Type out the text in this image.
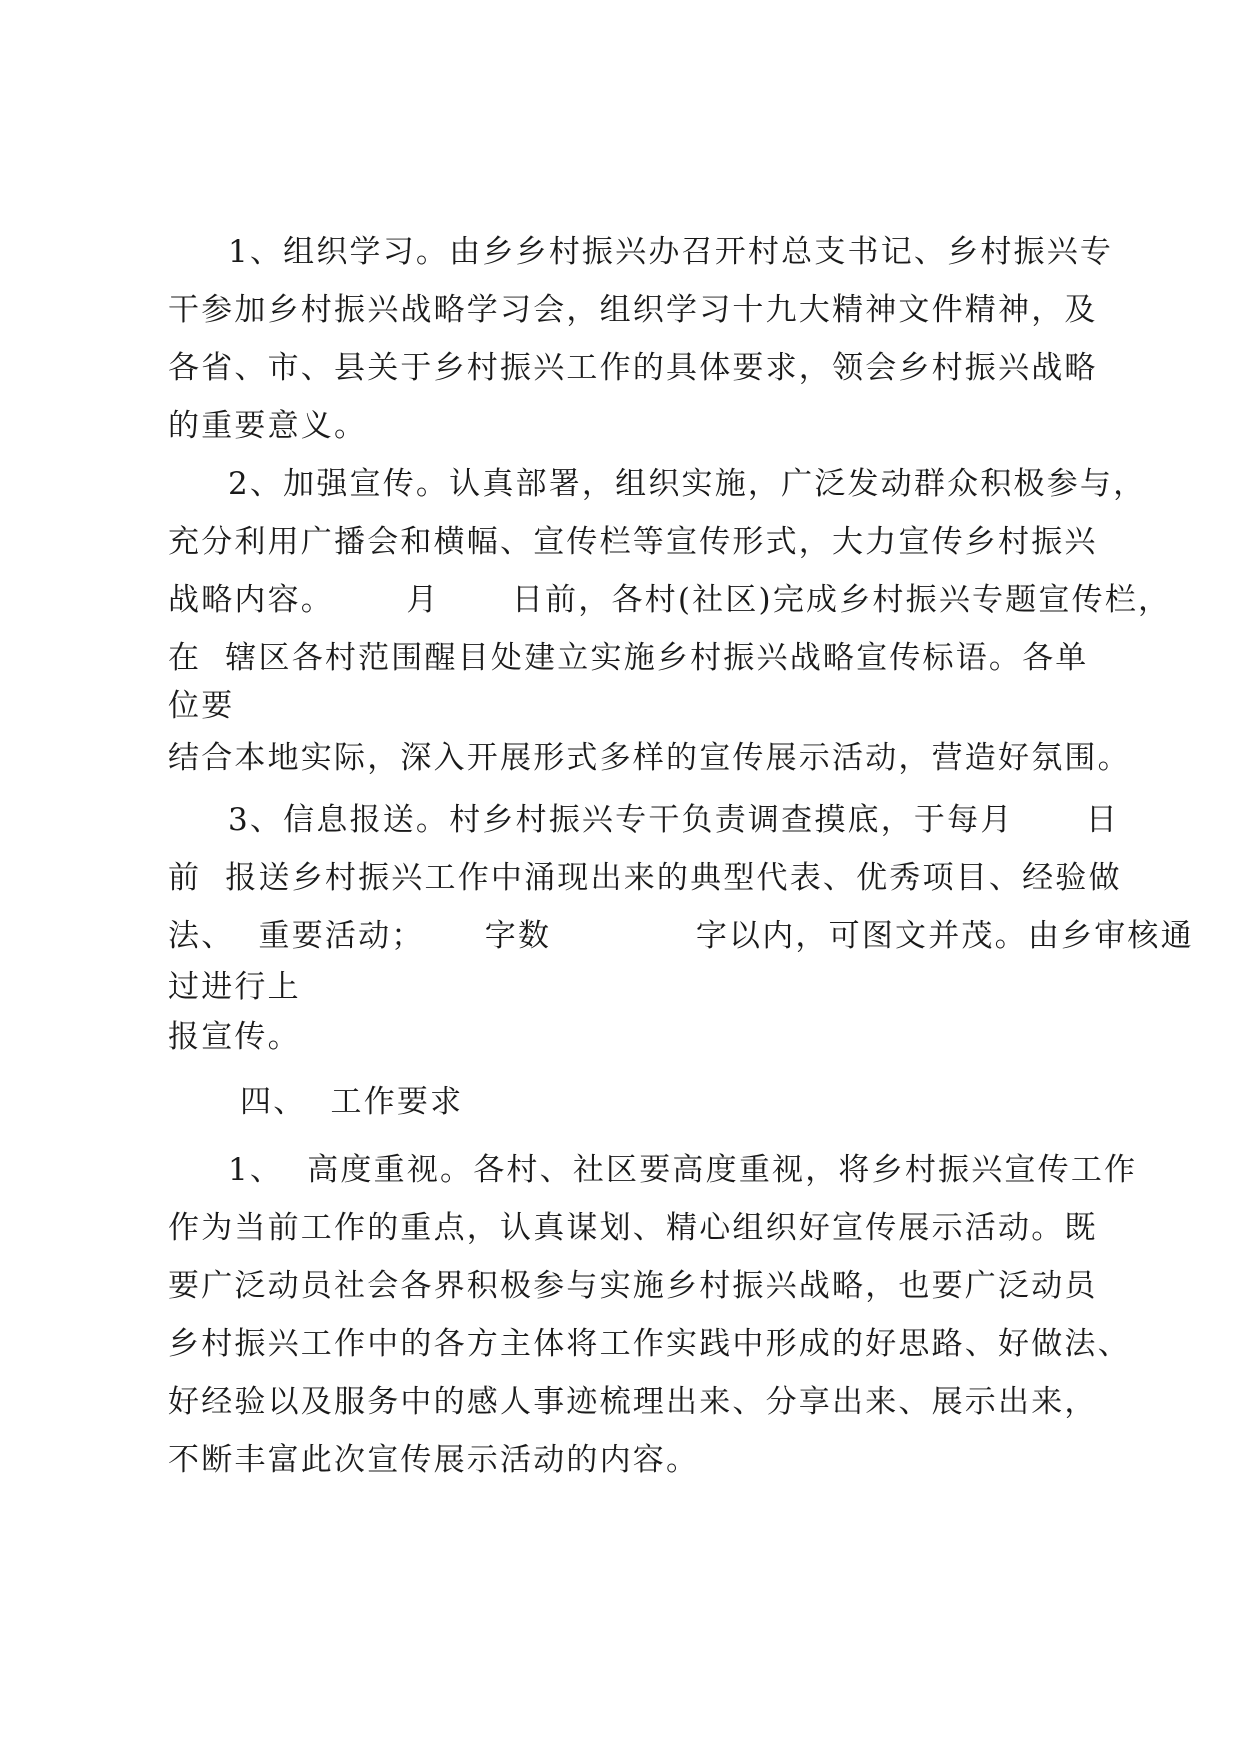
1、组织学习。由乡乡村振兴办召开村总支书记、乡村振兴专
干参加乡村振兴战略学习会，组织学习十九大精神文件精神，及
各省、市、县关于乡村振兴工作的具体要求，领会乡村振兴战略
的重要意义。
2、加强宣传。认真部署，组织实施，广泛发动群众积极参与，
充分利用广播会和横幅、宣传栏等宣传形式，大力宣传乡村振兴
战略内容。      月      日前，各村(社区)完成乡村振兴专题宣传栏，
在  辖区各村范围醒目处建立实施乡村振兴战略宣传标语。各单
位要
结合本地实际，深入开展形式多样的宣传展示活动，营造好氛围。
3、信息报送。村乡村振兴专干负责调查摸底，于每月      日
前  报送乡村振兴工作中涌现出来的典型代表、优秀项目、经验做
法、  重要活动；     字数            字以内，可图文并茂。由乡审核通
过进行上
报宣传。
四、  工作要求
1、  高度重视。各村、社区要高度重视，将乡村振兴宣传工作
作为当前工作的重点，认真谋划、精心组织好宣传展示活动。既
要广泛动员社会各界积极参与实施乡村振兴战略，也要广泛动员
乡村振兴工作中的各方主体将工作实践中形成的好思路、好做法、
好经验以及服务中的感人事迹梳理出来、分享出来、展示出来，
不断丰富此次宣传展示活动的内容。
